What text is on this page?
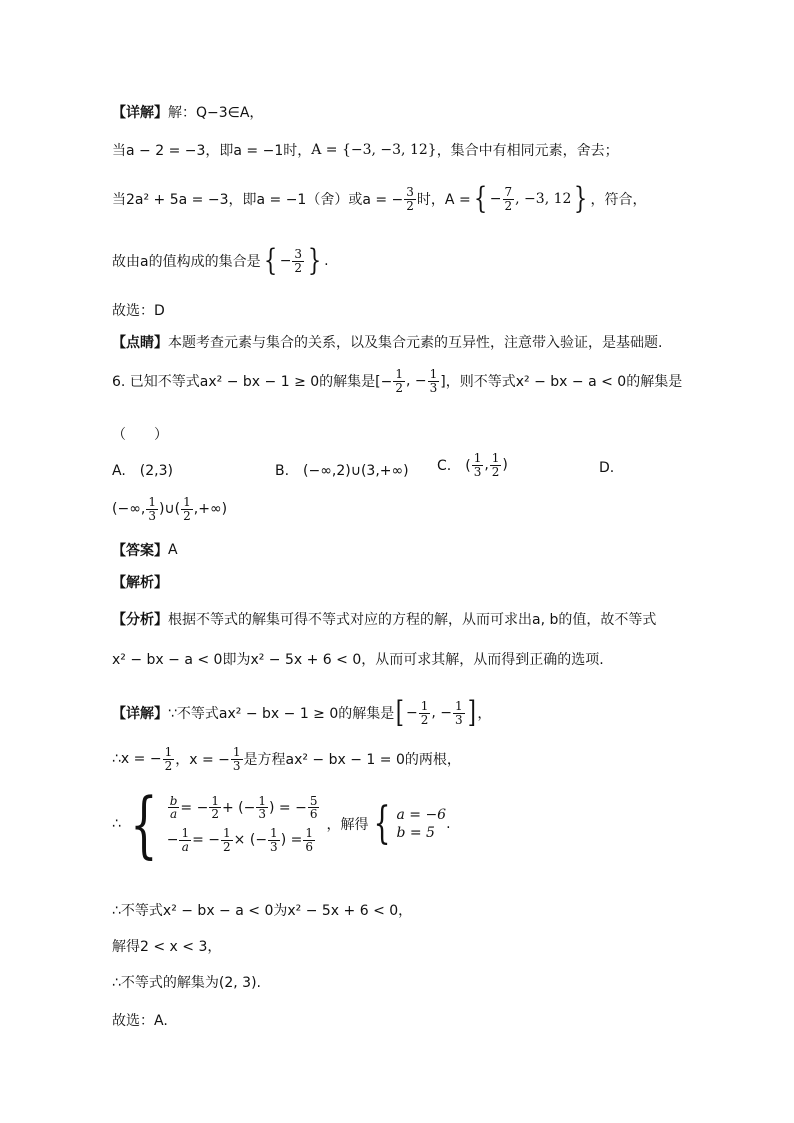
【详解】 解：Q−3∈A，
当a − 2 = −3，即a = −1时， A = {−3, −3, 12} ，集合中有相同元素，舍去；
当2a² + 5a = −3，即a = −1（舍）或a = − $\frac{3}{2}$ 时，A = { − $\frac{7}{2}$ , −3, 12 } ，符合，
故由a的值构成的集合是 { − $\frac{3}{2}$ } .
故选：D
【点睛】 本题考查元素与集合的关系，以及集合元素的互异性，注意带入验证，是基础题.
6. 已知不等式ax² − bx − 1 ≥ 0的解集是[− $\frac{1}{2}$ , − $\frac{1}{3}$ ]，则不等式x² − bx − a < 0的解集是
（　　）
A.　(2,3)	B.　(−∞,2)∪(3,+∞) C.　( $\frac{1}{3}$ , $\frac{1}{2}$ )	D.
(−∞, $\frac{1}{3}$ )∪( $\frac{1}{2}$ ,+∞)
【答案】 A
【解析】
【分析】 根据不等式的解集可得不等式对应的方程的解，从而可求出a, b的值，故不等式
x² − bx − a < 0即为x² − 5x + 6 < 0，从而可求其解，从而得到正确的选项.
【详解】 ∵不等式ax² − bx − 1 ≥ 0的解集是 [ − $\frac{1}{2}$ , − $\frac{1}{3}$ ] ，
∴x = − $\frac{1}{2}$ ，x = − $\frac{1}{3}$ 是方程ax² − bx − 1 = 0的两根，
∴ { $\frac{b}{a}$ = − $\frac{1}{2}$ + (− $\frac{1}{3}$ ) = − $\frac{5}{6}$
− $\frac{1}{a}$ = − $\frac{1}{2}$ × (− $\frac{1}{3}$ ) = $\frac{1}{6}$
，解得 { a = −6
b = 5
.
∴不等式x² − bx − a < 0为x² − 5x + 6 < 0，
解得2 < x < 3，
∴不等式的解集为(2, 3).
故选：A.
